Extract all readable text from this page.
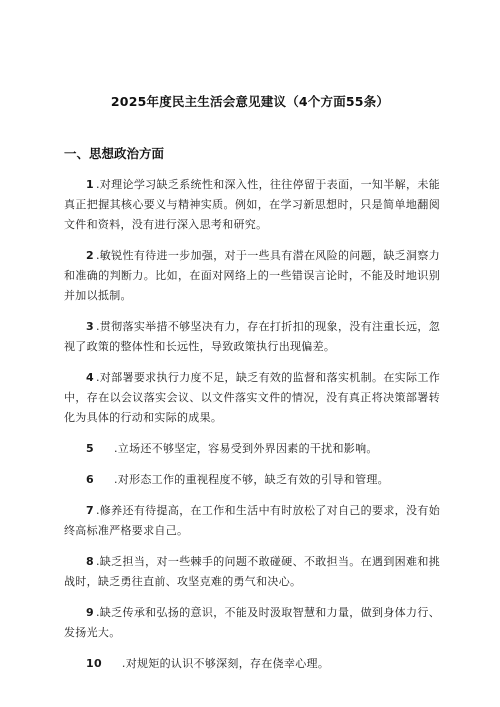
2025年度民主生活会意见建议（4个方面55条）
一、思想政治方面

1 .对理论学习缺乏系统性和深入性，往往停留于表面，一知半解，未能真正把握其核心要义与精神实质。例如，在学习新思想时，只是简单地翻阅文件和资料，没有进行深入思考和研究。

2 .敏锐性有待进一步加强，对于一些具有潜在风险的问题，缺乏洞察力和准确的判断力。比如，在面对网络上的一些错误言论时，不能及时地识别并加以抵制。

3 .贯彻落实举措不够坚决有力，存在打折扣的现象，没有注重长远，忽视了政策的整体性和长远性，导致政策执行出现偏差。

4 .对部署要求执行力度不足，缺乏有效的监督和落实机制。在实际工作中，存在以会议落实会议、以文件落实文件的情况，没有真正将决策部署转化为具体的行动和实际的成果。

5 .立场还不够坚定，容易受到外界因素的干扰和影响。

6 .对形态工作的重视程度不够，缺乏有效的引导和管理。

7 .修养还有待提高，在工作和生活中有时放松了对自己的要求，没有始终高标准严格要求自己。

8 .缺乏担当，对一些棘手的问题不敢碰硬、不敢担当。在遇到困难和挑战时，缺乏勇往直前、攻坚克难的勇气和决心。

9 .缺乏传承和弘扬的意识，不能及时汲取智慧和力量，做到身体力行、发扬光大。

10 .对规矩的认识不够深刻，存在侥幸心理。
